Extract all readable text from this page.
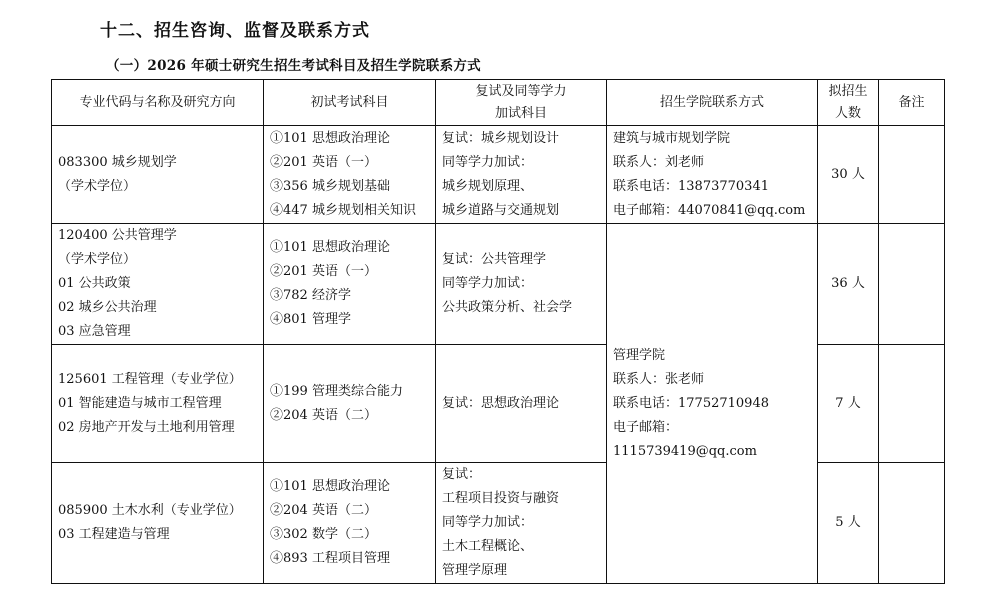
十二、招生咨询、监督及联系方式
（一）2026 年硕士研究生招生考试科目及招生学院联系方式
专业代码与名称及研究方向	初试考试科目	复试及同等学力
加试科目	招生学院联系方式	拟招生
人数	备注

083300 城乡规划学
（学术学位）	①101 思想政治理论
②201 英语（一）
③356 城乡规划基础
④447 城乡规划相关知识	复试：城乡规划设计
同等学力加试：
城乡规划原理、
城乡道路与交通规划	建筑与城市规划学院
联系人：刘老师
联系电话：13873770341
电子邮箱：44070841@qq.com	30 人	

120400 公共管理学
（学术学位）
01 公共政策
02 城乡公共治理
03 应急管理	①101 思想政治理论
②201 英语（一）
③782 经济学
④801 管理学	复试：公共管理学
同等学力加试：
公共政策分析、社会学	管理学院
联系人：张老师
联系电话：17752710948
电子邮箱：
1115739419@qq.com	36 人	

125601 工程管理（专业学位）
01 智能建造与城市工程管理
02 房地产开发与土地利用管理	①199 管理类综合能力
②204 英语（二）	复试：思想政治理论		7 人	

085900 土木水利（专业学位）
03 工程建造与管理	①101 思想政治理论
②204 英语（二）
③302 数学（二）
④893 工程项目管理	复试：
工程项目投资与融资
同等学力加试：
土木工程概论、
管理学原理		5 人	
